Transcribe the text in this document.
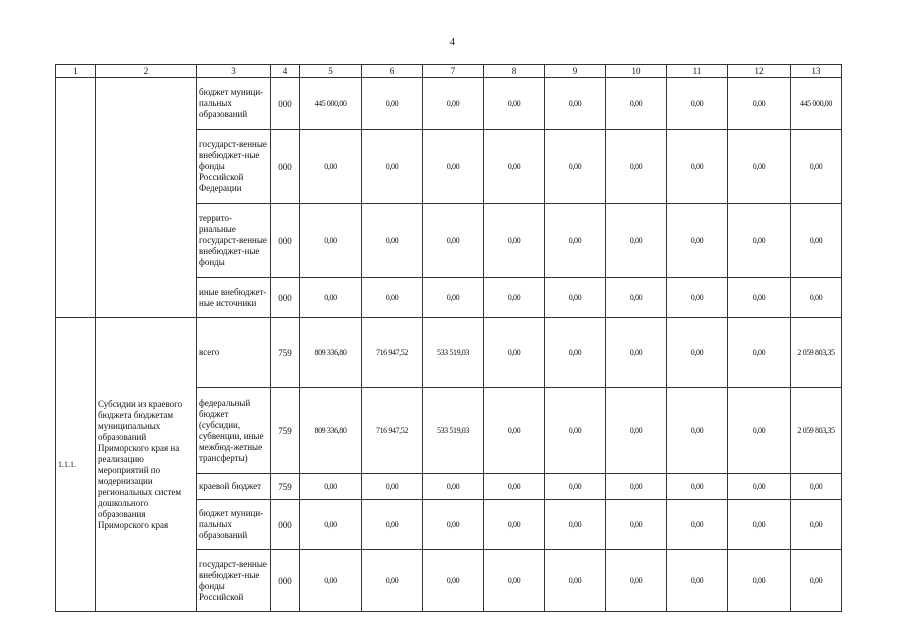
4
1	2	3	4	5	6	7	8	9	10	11	12	13
		бюджет муници-пальных образований	000	445 000,00	0,00	0,00	0,00	0,00	0,00	0,00	0,00	445 000,00
		государст-венные внебюджет-ные фонды Российской Федерации	000	0,00	0,00	0,00	0,00	0,00	0,00	0,00	0,00	0,00
		террито-риальные государст-венные внебюджет-ные фонды	000	0,00	0,00	0,00	0,00	0,00	0,00	0,00	0,00	0,00
		иные внебюджет-ные источники	000	0,00	0,00	0,00	0,00	0,00	0,00	0,00	0,00	0,00
1.1.1.	Субсидии из краевого бюджета бюджетам муниципальных образований Приморского края на реализацию мероприятий по модернизации региональных систем дошкольного образования Приморского края	всего	759	809 336,80	716 947,52	533 519,03	0,00	0,00	0,00	0,00	0,00	2 059 803,35
		федеральный бюджет (субсидии, субвенции, иные межбюд-жетные трансферты)	759	809 336,80	716 947,52	533 519,03	0,00	0,00	0,00	0,00	0,00	2 059 803,35
		краевой бюджет	759	0,00	0,00	0,00	0,00	0,00	0,00	0,00	0,00	0,00
		бюджет муници-пальных образований	000	0,00	0,00	0,00	0,00	0,00	0,00	0,00	0,00	0,00
		государст-венные внебюджет-ные фонды Российской	000	0,00	0,00	0,00	0,00	0,00	0,00	0,00	0,00	0,00
